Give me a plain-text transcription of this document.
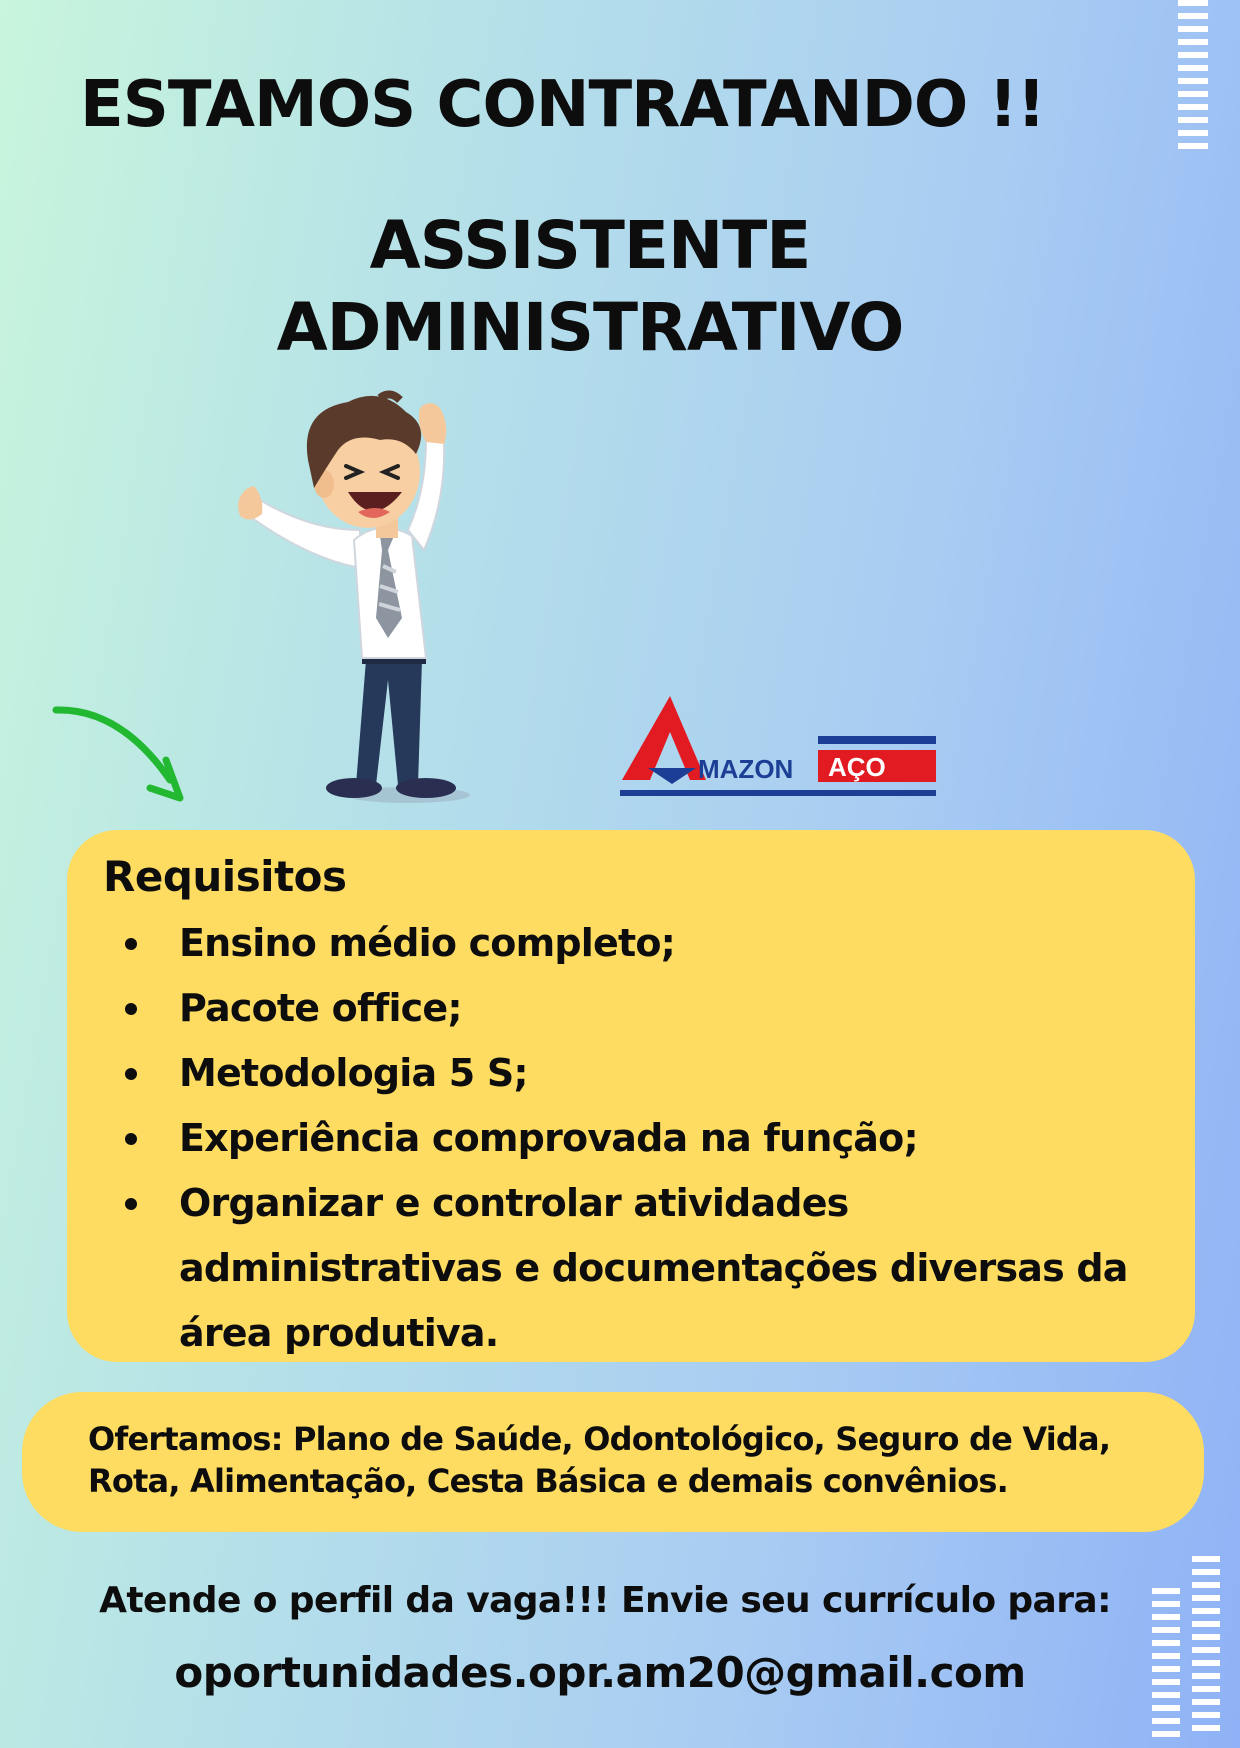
ESTAMOS CONTRATANDO !!
ASSISTENTE
ADMINISTRATIVO
A MAZON AÇO
Requisitos
Ensino médio completo;
Pacote office;
Metodologia 5 S;
Experiência comprovada na função;
Organizar e controlar atividades administrativas e documentações diversas da área produtiva.

Ofertamos: Plano de Saúde, Odontológico, Seguro de Vida, Rota, Alimentação, Cesta Básica e demais convênios.

Atende o perfil da vaga!!! Envie seu currículo para:

oportunidades.opr.am20@gmail.com
